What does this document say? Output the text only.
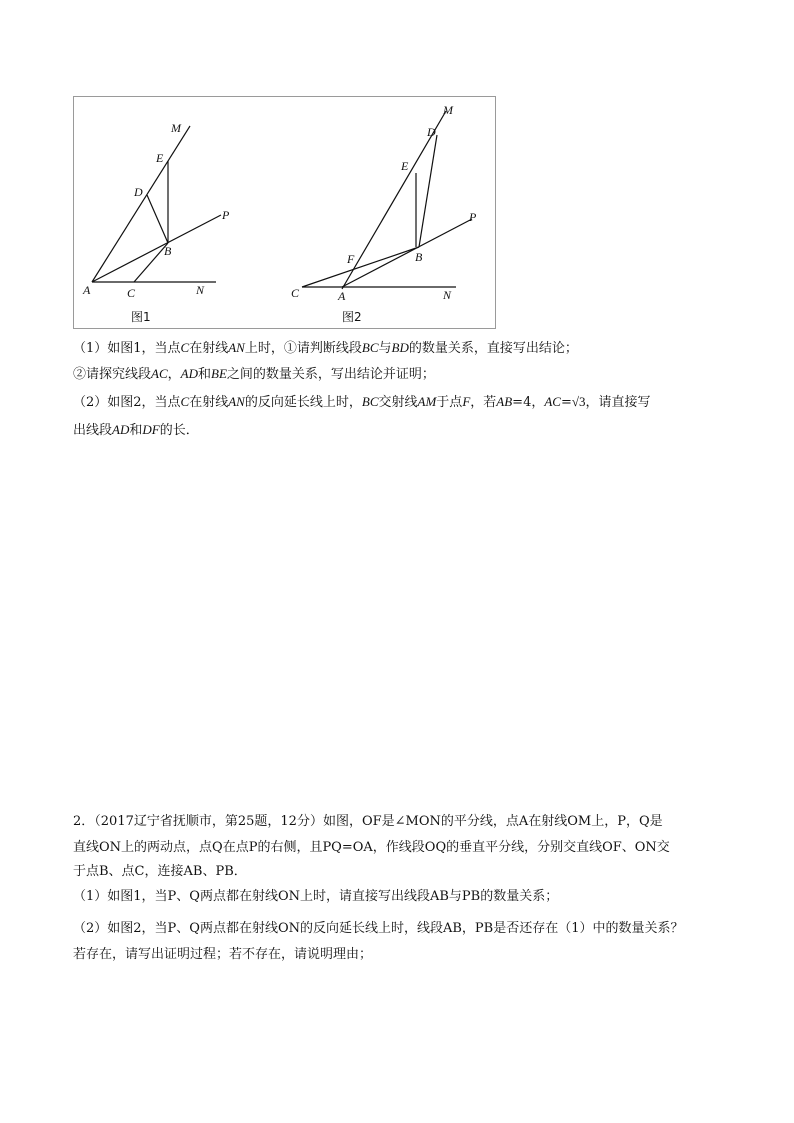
M
E
D
P
B
A	C	N
图1
M
D
E
P
F	B
C	A	N
图2
（1）如图1，当点C在射线AN上时，①请判断线段BC与BD的数量关系，直接写出结论；
②请探究线段AC，AD和BE之间的数量关系，写出结论并证明；
（2）如图2，当点C在射线AN的反向延长线上时，BC交射线AM于点F，若AB=4，AC=√3，请直接写
出线段AD和DF的长．
2．（2017辽宁省抚顺市，第25题，12分）如图，OF是∠MON的平分线，点A在射线OM上，P，Q是
直线ON上的两动点，点Q在点P的右侧，且PQ=OA，作线段OQ的垂直平分线，分别交直线OF、ON交
于点B、点C，连接AB、PB．
（1）如图1，当P、Q两点都在射线ON上时，请直接写出线段AB与PB的数量关系；
（2）如图2，当P、Q两点都在射线ON的反向延长线上时，线段AB，PB是否还存在（1）中的数量关系？
若存在，请写出证明过程；若不存在，请说明理由；
